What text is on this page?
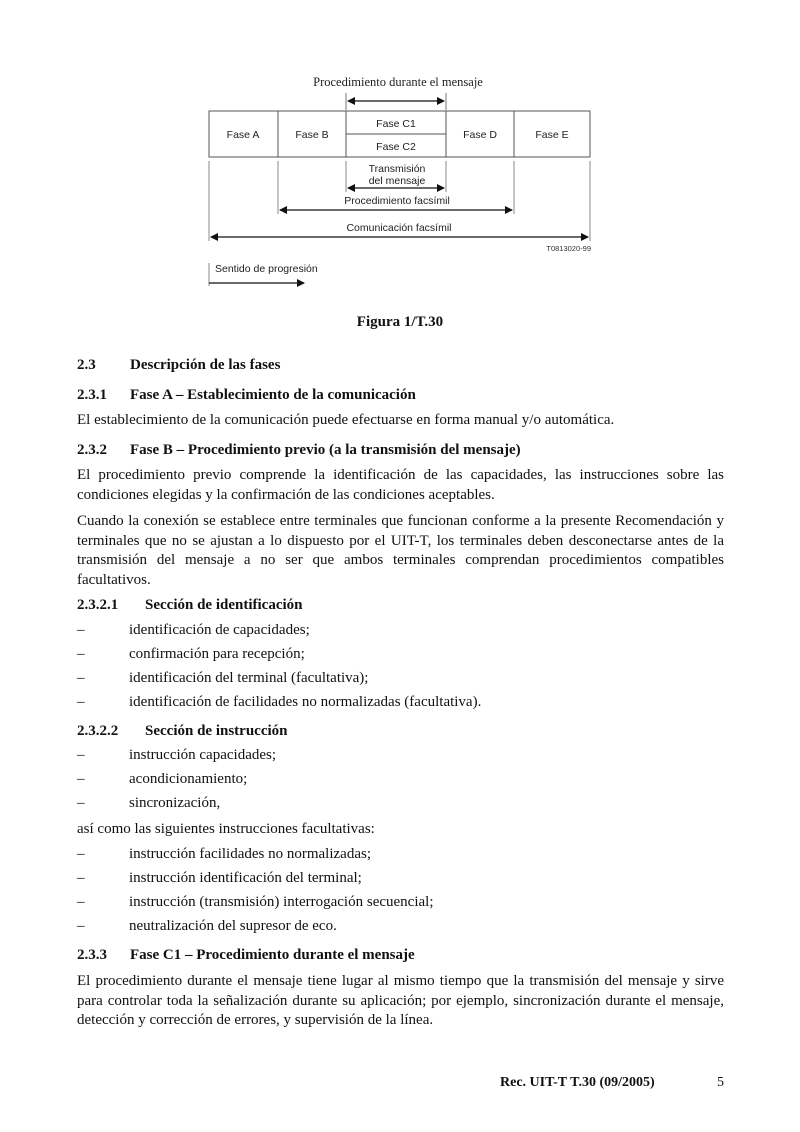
Procedimiento durante el mensaje
Fase A	Fase B
Fase C1
Fase C2
Fase D	Fase E
Transmisión
del mensaje
Procedimiento facsímil
Comunicación facsímil
T0813020-99
Sentido de progresión
Figura 1/T.30
2.3 Descripción de las fases
2.3.1 Fase A – Establecimiento de la comunicación
El establecimiento de la comunicación puede efectuarse en forma manual y/o automática.
2.3.2 Fase B – Procedimiento previo (a la transmisión del mensaje)
El procedimiento previo comprende la identificación de las capacidades, las instrucciones sobre las condiciones elegidas y la confirmación de las condiciones aceptables.
Cuando la conexión se establece entre terminales que funcionan conforme a la presente Recomendación y terminales que no se ajustan a lo dispuesto por el UIT-T, los terminales deben desconectarse antes de la transmisión del mensaje a no ser que ambos terminales comprendan procedimientos compatibles facultativos.
2.3.2.1 Sección de identificación
–	identificación de capacidades;
–	confirmación para recepción;
–	identificación del terminal (facultativa);
–	identificación de facilidades no normalizadas (facultativa).
2.3.2.2 Sección de instrucción
–	instrucción capacidades;
–	acondicionamiento;
–	sincronización,
así como las siguientes instrucciones facultativas:
–	instrucción facilidades no normalizadas;
–	instrucción identificación del terminal;
–	instrucción (transmisión) interrogación secuencial;
–	neutralización del supresor de eco.
2.3.3 Fase C1 – Procedimiento durante el mensaje
El procedimiento durante el mensaje tiene lugar al mismo tiempo que la transmisión del mensaje y sirve para controlar toda la señalización durante su aplicación; por ejemplo, sincronización durante el mensaje, detección y corrección de errores, y supervisión de la línea.
Rec. UIT-T T.30 (09/2005)	5
